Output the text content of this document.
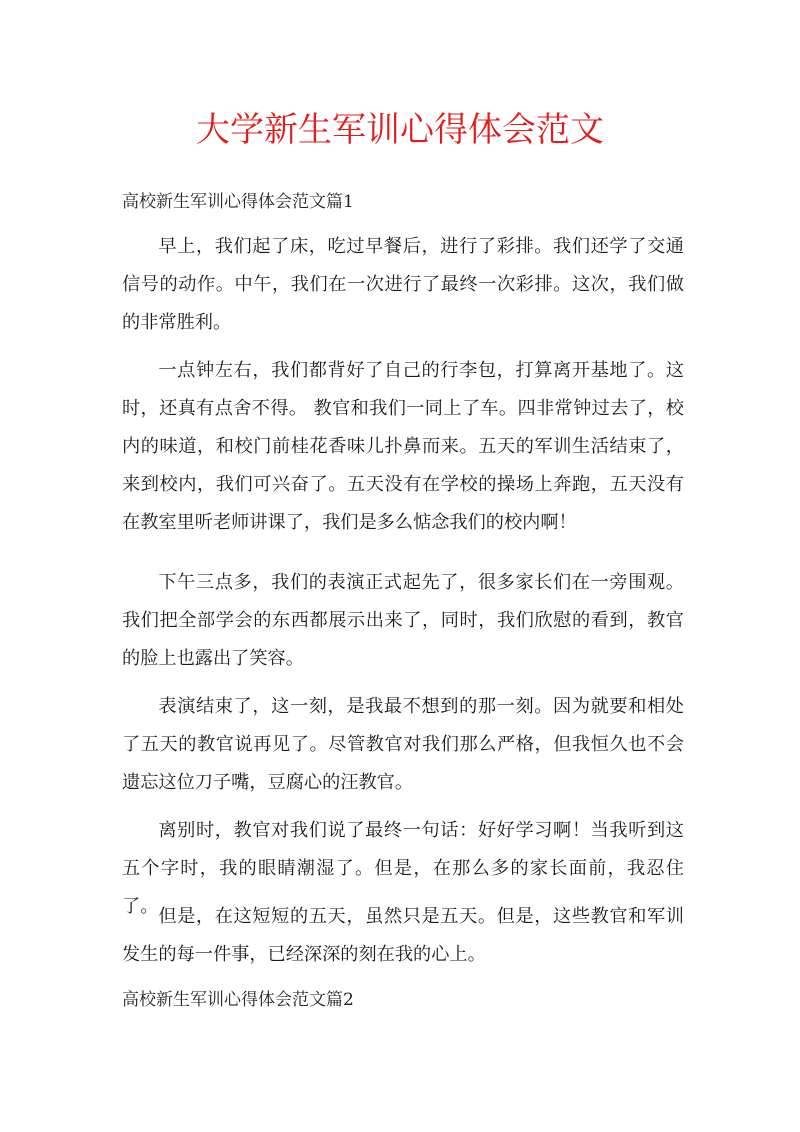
大学新生军训心得体会范文
高校新生军训心得体会范文篇1

早上，我们起了床，吃过早餐后，进行了彩排。我们还学了交通信号的动作。中午，我们在一次进行了最终一次彩排。这次，我们做的非常胜利。

一点钟左右，我们都背好了自己的行李包，打算离开基地了。这时，还真有点舍不得。 教官和我们一同上了车。四非常钟过去了，校内的味道，和校门前桂花香味儿扑鼻而来。五天的军训生活结束了，来到校内，我们可兴奋了。五天没有在学校的操场上奔跑，五天没有在教室里听老师讲课了，我们是多么惦念我们的校内啊！

下午三点多，我们的表演正式起先了，很多家长们在一旁围观。我们把全部学会的东西都展示出来了，同时，我们欣慰的看到，教官的脸上也露出了笑容。

表演结束了，这一刻，是我最不想到的那一刻。因为就要和相处了五天的教官说再见了。尽管教官对我们那么严格，但我恒久也不会遗忘这位刀子嘴，豆腐心的汪教官。

离别时，教官对我们说了最终一句话：好好学习啊！当我听到这五个字时，我的眼睛潮湿了。但是，在那么多的家长面前，我忍住了。 但是，在这短短的五天，虽然只是五天。但是，这些教官和军训发生的每一件事，已经深深的刻在我的心上。

高校新生军训心得体会范文篇2
